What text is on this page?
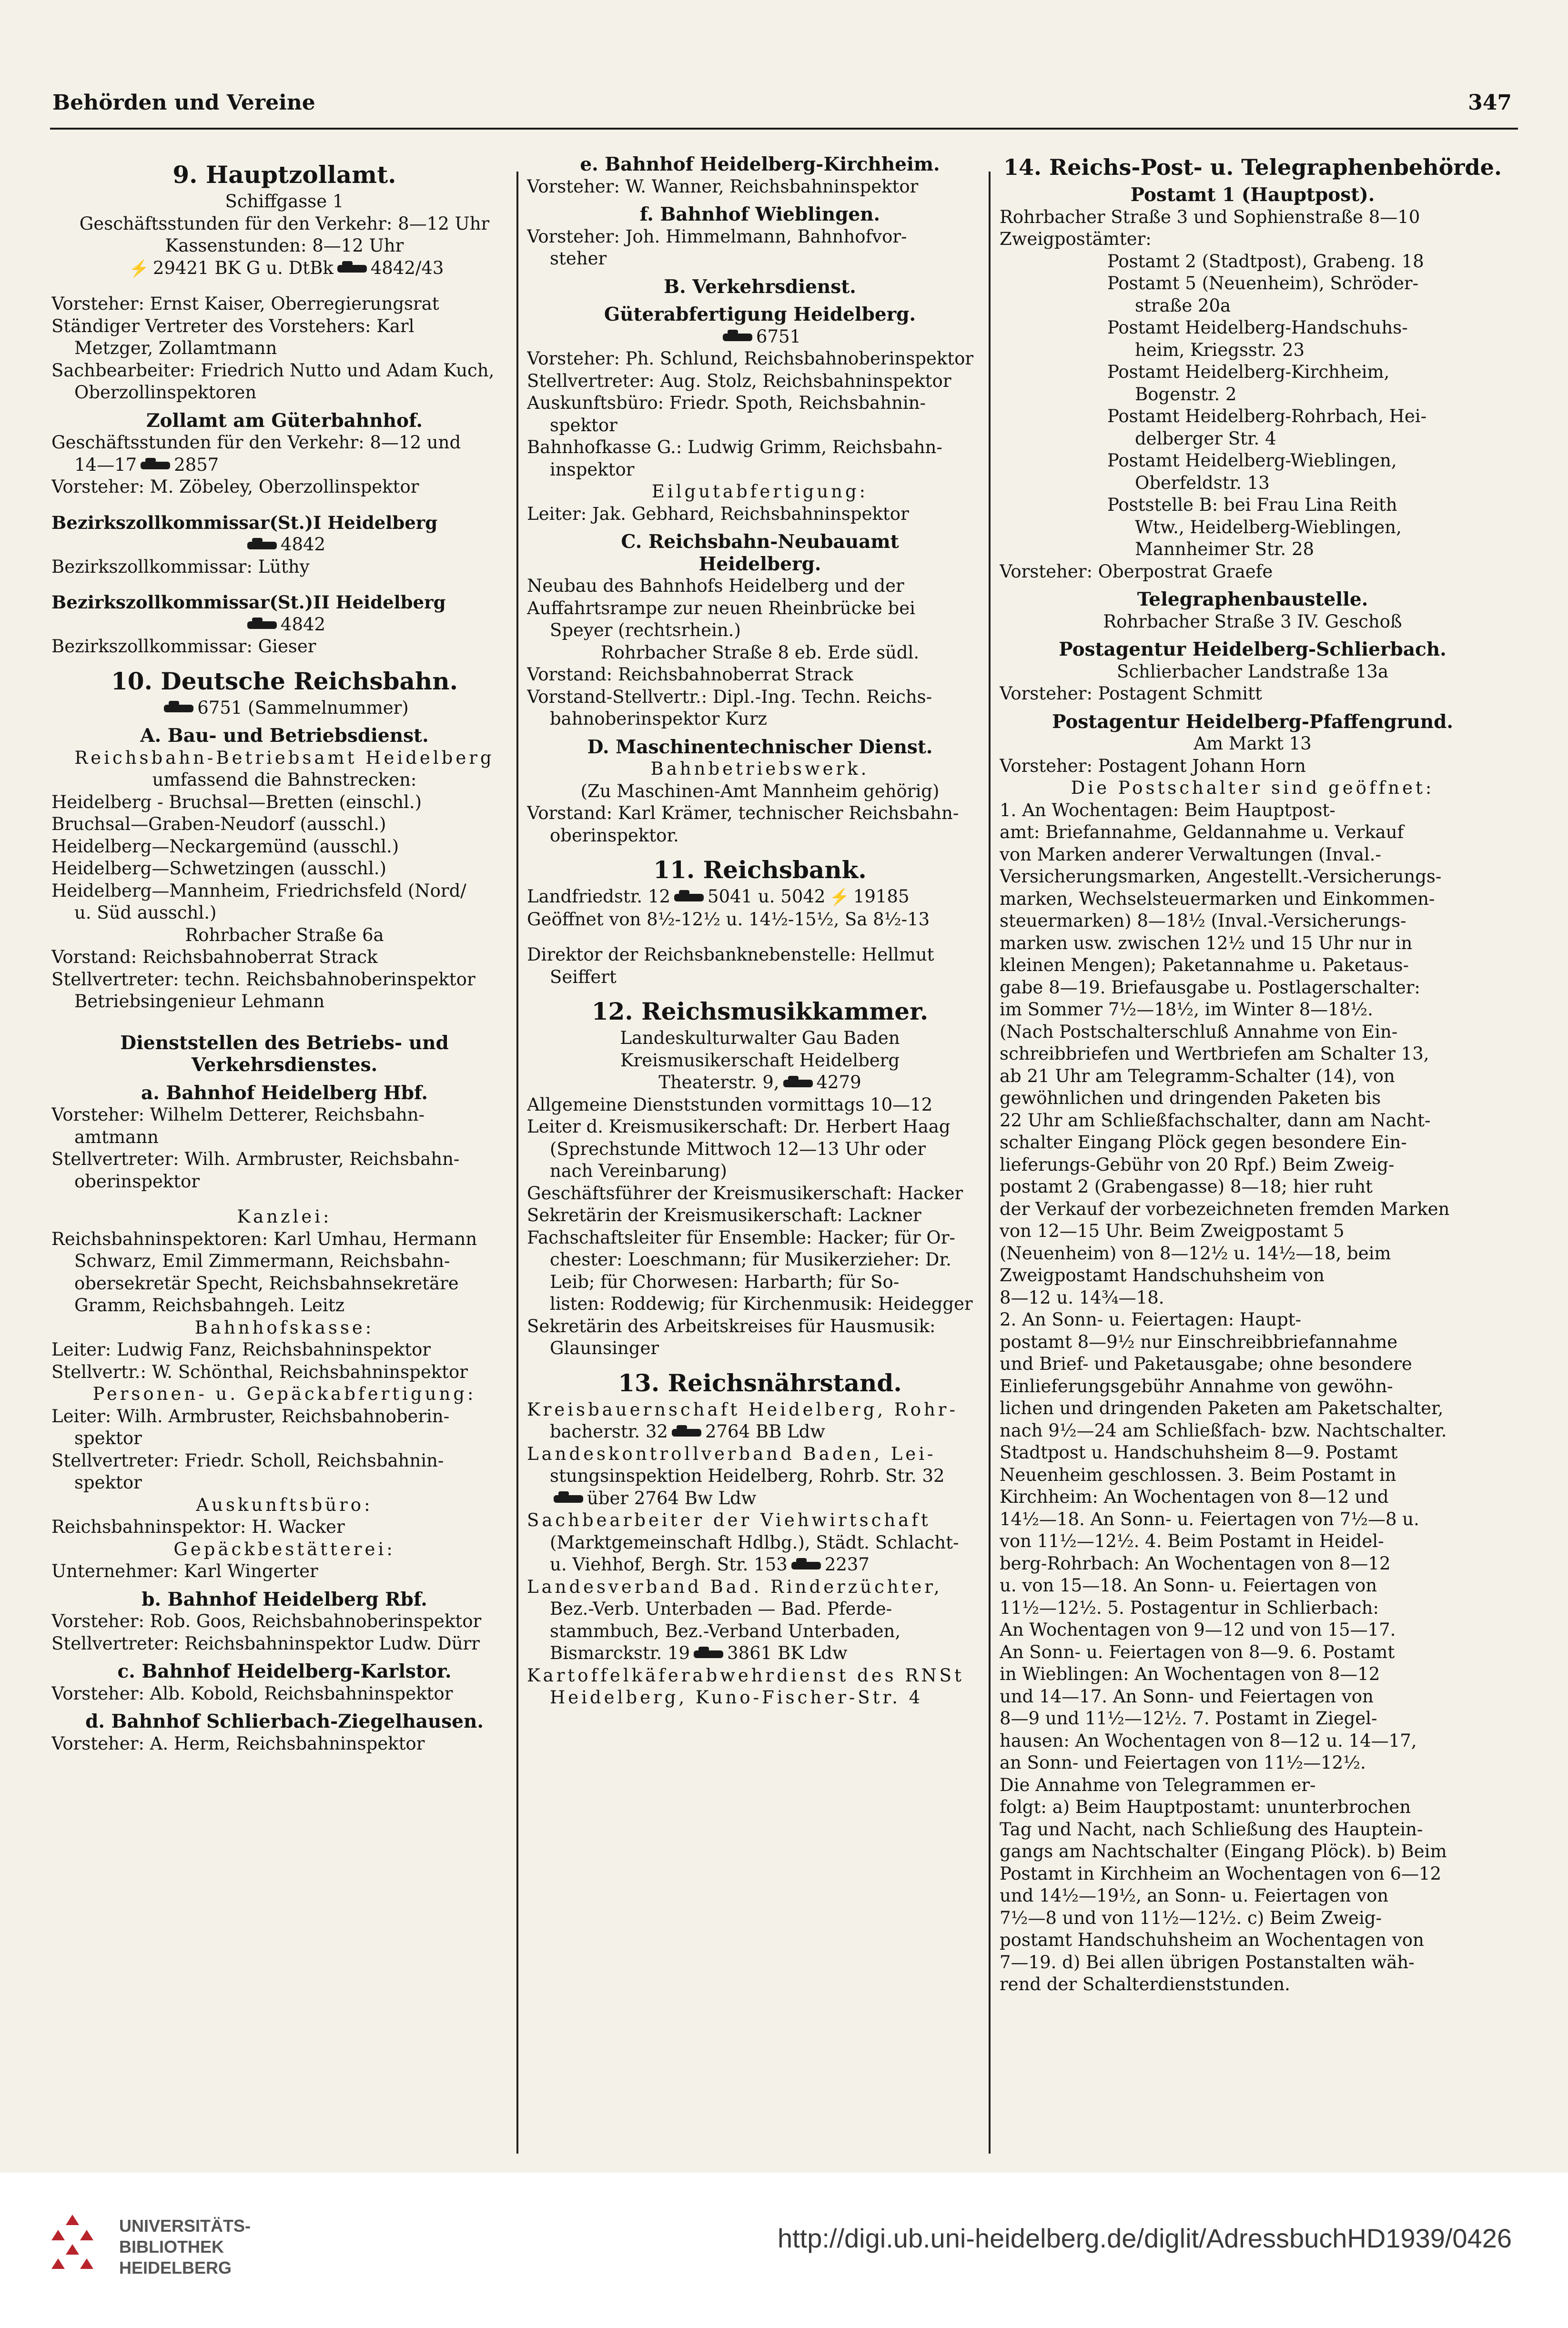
Behörden und Vereine	347
9. Hauptzollamt.
Schiffgasse 1
Geschäftsstunden für den Verkehr: 8—12 Uhr
Kassenstunden: 8—12 Uhr
⚡ 29421 BK G u. DtBk 4842/43
Vorsteher: Ernst Kaiser, Oberregierungsrat
Ständiger Vertreter des Vorstehers: Karl
Metzger, Zollamtmann
Sachbearbeiter: Friedrich Nutto und Adam Kuch,
Oberzollinspektoren
Zollamt am Güterbahnhof.
Geschäftsstunden für den Verkehr: 8—12 und
14—17 2857
Vorsteher: M. Zöbeley, Oberzollinspektor
Bezirkszollkommissar(St.)I Heidelberg
4842
Bezirkszollkommissar: Lüthy
Bezirkszollkommissar(St.)II Heidelberg
4842
Bezirkszollkommissar: Gieser
10. Deutsche Reichsbahn.
6751 (Sammelnummer)
A. Bau- und Betriebsdienst.
Reichsbahn-Betriebsamt Heidelberg
umfassend die Bahnstrecken:
Heidelberg - Bruchsal—Bretten (einschl.)
Bruchsal—Graben-Neudorf (ausschl.)
Heidelberg—Neckargemünd (ausschl.)
Heidelberg—Schwetzingen (ausschl.)
Heidelberg—Mannheim, Friedrichsfeld (Nord/
u. Süd ausschl.)
Rohrbacher Straße 6a
Vorstand: Reichsbahnoberrat Strack
Stellvertreter: techn. Reichsbahnoberinspektor
Betriebsingenieur Lehmann
Dienststellen des Betriebs- und
Verkehrsdienstes.
a. Bahnhof Heidelberg Hbf.
Vorsteher: Wilhelm Detterer, Reichsbahn-
amtmann
Stellvertreter: Wilh. Armbruster, Reichsbahn-
oberinspektor
Kanzlei:
Reichsbahninspektoren: Karl Umhau, Hermann
Schwarz, Emil Zimmermann, Reichsbahn-
obersekretär Specht, Reichsbahnsekretäre
Gramm, Reichsbahngeh. Leitz
Bahnhofskasse:
Leiter: Ludwig Fanz, Reichsbahninspektor
Stellvertr.: W. Schönthal, Reichsbahninspektor
Personen- u. Gepäckabfertigung:
Leiter: Wilh. Armbruster, Reichsbahnoberin-
spektor
Stellvertreter: Friedr. Scholl, Reichsbahnin-
spektor
Auskunftsbüro:
Reichsbahninspektor: H. Wacker
Gepäckbestätterei:
Unternehmer: Karl Wingerter
b. Bahnhof Heidelberg Rbf.
Vorsteher: Rob. Goos, Reichsbahnoberinspektor
Stellvertreter: Reichsbahninspektor Ludw. Dürr
c. Bahnhof Heidelberg-Karlstor.
Vorsteher: Alb. Kobold, Reichsbahninspektor
d. Bahnhof Schlierbach-Ziegelhausen.
Vorsteher: A. Herm, Reichsbahninspektor
e. Bahnhof Heidelberg-Kirchheim.
Vorsteher: W. Wanner, Reichsbahninspektor
f. Bahnhof Wieblingen.
Vorsteher: Joh. Himmelmann, Bahnhofvor-
steher
B. Verkehrsdienst.
Güterabfertigung Heidelberg.
6751
Vorsteher: Ph. Schlund, Reichsbahnoberinspektor
Stellvertreter: Aug. Stolz, Reichsbahninspektor
Auskunftsbüro: Friedr. Spoth, Reichsbahnin-
spektor
Bahnhofkasse G.: Ludwig Grimm, Reichsbahn-
inspektor
Eilgutabfertigung:
Leiter: Jak. Gebhard, Reichsbahninspektor
C. Reichsbahn-Neubauamt
Heidelberg.
Neubau des Bahnhofs Heidelberg und der
Auffahrtsrampe zur neuen Rheinbrücke bei
Speyer (rechtsrhein.)
Rohrbacher Straße 8 eb. Erde südl.
Vorstand: Reichsbahnoberrat Strack
Vorstand-Stellvertr.: Dipl.-Ing. Techn. Reichs-
bahnoberinspektor Kurz
D. Maschinentechnischer Dienst.
Bahnbetriebswerk.
(Zu Maschinen-Amt Mannheim gehörig)
Vorstand: Karl Krämer, technischer Reichsbahn-
oberinspektor.
11. Reichsbank.
Landfriedstr. 12 5041 u. 5042 ⚡ 19185
Geöffnet von 8½-12½ u. 14½-15½, Sa 8½-13
Direktor der Reichsbanknebenstelle: Hellmut
Seiffert
12. Reichsmusikkammer.
Landeskulturwalter Gau Baden
Kreismusikerschaft Heidelberg
Theaterstr. 9, 4279
Allgemeine Dienststunden vormittags 10—12
Leiter d. Kreismusikerschaft: Dr. Herbert Haag
(Sprechstunde Mittwoch 12—13 Uhr oder
nach Vereinbarung)
Geschäftsführer der Kreismusikerschaft: Hacker
Sekretärin der Kreismusikerschaft: Lackner
Fachschaftsleiter für Ensemble: Hacker; für Or-
chester: Loeschmann; für Musikerzieher: Dr.
Leib; für Chorwesen: Harbarth; für So-
listen: Roddewig; für Kirchenmusik: Heidegger
Sekretärin des Arbeitskreises für Hausmusik:
Glaunsinger
13. Reichsnährstand.
Kreisbauernschaft Heidelberg, Rohr-
bacherstr. 32 2764 BB Ldw
Landeskontrollverband Baden, Lei-
stungsinspektion Heidelberg, Rohrb. Str. 32
über 2764 Bw Ldw
Sachbearbeiter der Viehwirtschaft
(Marktgemeinschaft Hdlbg.), Städt. Schlacht-
u. Viehhof, Bergh. Str. 153 2237
Landesverband Bad. Rinderzüchter,
Bez.-Verb. Unterbaden — Bad. Pferde-
stammbuch, Bez.-Verband Unterbaden,
Bismarckstr. 19 3861 BK Ldw
Kartoffelkäferabwehrdienst des RNSt
Heidelberg, Kuno-Fischer-Str. 4
14. Reichs-Post- u. Telegraphenbehörde.
Postamt 1 (Hauptpost).
Rohrbacher Straße 3 und Sophienstraße 8—10
Zweigpostämter:
Postamt 2 (Stadtpost), Grabeng. 18
Postamt 5 (Neuenheim), Schröder-
straße 20a
Postamt Heidelberg-Handschuhs-
heim, Kriegsstr. 23
Postamt Heidelberg-Kirchheim,
Bogenstr. 2
Postamt Heidelberg-Rohrbach, Hei-
delberger Str. 4
Postamt Heidelberg-Wieblingen,
Oberfeldstr. 13
Poststelle B: bei Frau Lina Reith
Wtw., Heidelberg-Wieblingen,
Mannheimer Str. 28
Vorsteher: Oberpostrat Graefe
Telegraphenbaustelle.
Rohrbacher Straße 3 IV. Geschoß
Postagentur Heidelberg-Schlierbach.
Schlierbacher Landstraße 13a
Vorsteher: Postagent Schmitt
Postagentur Heidelberg-Pfaffengrund.
Am Markt 13
Vorsteher: Postagent Johann Horn
Die Postschalter sind geöffnet:
1. An Wochentagen: Beim Hauptpost-
amt: Briefannahme, Geldannahme u. Verkauf
von Marken anderer Verwaltungen (Inval.-
Versicherungsmarken, Angestellt.-Versicherungs-
marken, Wechselsteuermarken und Einkommen-
steuermarken) 8—18½ (Inval.-Versicherungs-
marken usw. zwischen 12½ und 15 Uhr nur in
kleinen Mengen); Paketannahme u. Paketaus-
gabe 8—19. Briefausgabe u. Postlagerschalter:
im Sommer 7½—18½, im Winter 8—18½.
(Nach Postschalterschluß Annahme von Ein-
schreibbriefen und Wertbriefen am Schalter 13,
ab 21 Uhr am Telegramm-Schalter (14), von
gewöhnlichen und dringenden Paketen bis
22 Uhr am Schließfachschalter, dann am Nacht-
schalter Eingang Plöck gegen besondere Ein-
lieferungs-Gebühr von 20 Rpf.) Beim Zweig-
postamt 2 (Grabengasse) 8—18; hier ruht
der Verkauf der vorbezeichneten fremden Marken
von 12—15 Uhr. Beim Zweigpostamt 5
(Neuenheim) von 8—12½ u. 14½—18, beim
Zweigpostamt Handschuhsheim von
8—12 u. 14¾—18.
2. An Sonn- u. Feiertagen: Haupt-
postamt 8—9½ nur Einschreibbriefannahme
und Brief- und Paketausgabe; ohne besondere
Einlieferungsgebühr Annahme von gewöhn-
lichen und dringenden Paketen am Paketschalter,
nach 9½—24 am Schließfach- bzw. Nachtschalter.
Stadtpost u. Handschuhsheim 8—9. Postamt
Neuenheim geschlossen. 3. Beim Postamt in
Kirchheim: An Wochentagen von 8—12 und
14½—18. An Sonn- u. Feiertagen von 7½—8 u.
von 11½—12½. 4. Beim Postamt in Heidel-
berg-Rohrbach: An Wochentagen von 8—12
u. von 15—18. An Sonn- u. Feiertagen von
11½—12½. 5. Postagentur in Schlierbach:
An Wochentagen von 9—12 und von 15—17.
An Sonn- u. Feiertagen von 8—9. 6. Postamt
in Wieblingen: An Wochentagen von 8—12
und 14—17. An Sonn- und Feiertagen von
8—9 und 11½—12½. 7. Postamt in Ziegel-
hausen: An Wochentagen von 8—12 u. 14—17,
an Sonn- und Feiertagen von 11½—12½.
Die Annahme von Telegrammen er-
folgt: a) Beim Hauptpostamt: ununterbrochen
Tag und Nacht, nach Schließung des Hauptein-
gangs am Nachtschalter (Eingang Plöck). b) Beim
Postamt in Kirchheim an Wochentagen von 6—12
und 14½—19½, an Sonn- u. Feiertagen von
7½—8 und von 11½—12½. c) Beim Zweig-
postamt Handschuhsheim an Wochentagen von
7—19. d) Bei allen übrigen Postanstalten wäh-
rend der Schalterdienststunden.
UNIVERSITÄTS-
BIBLIOTHEK
HEIDELBERG
http://digi.ub.uni-heidelberg.de/diglit/AdressbuchHD1939/0426
